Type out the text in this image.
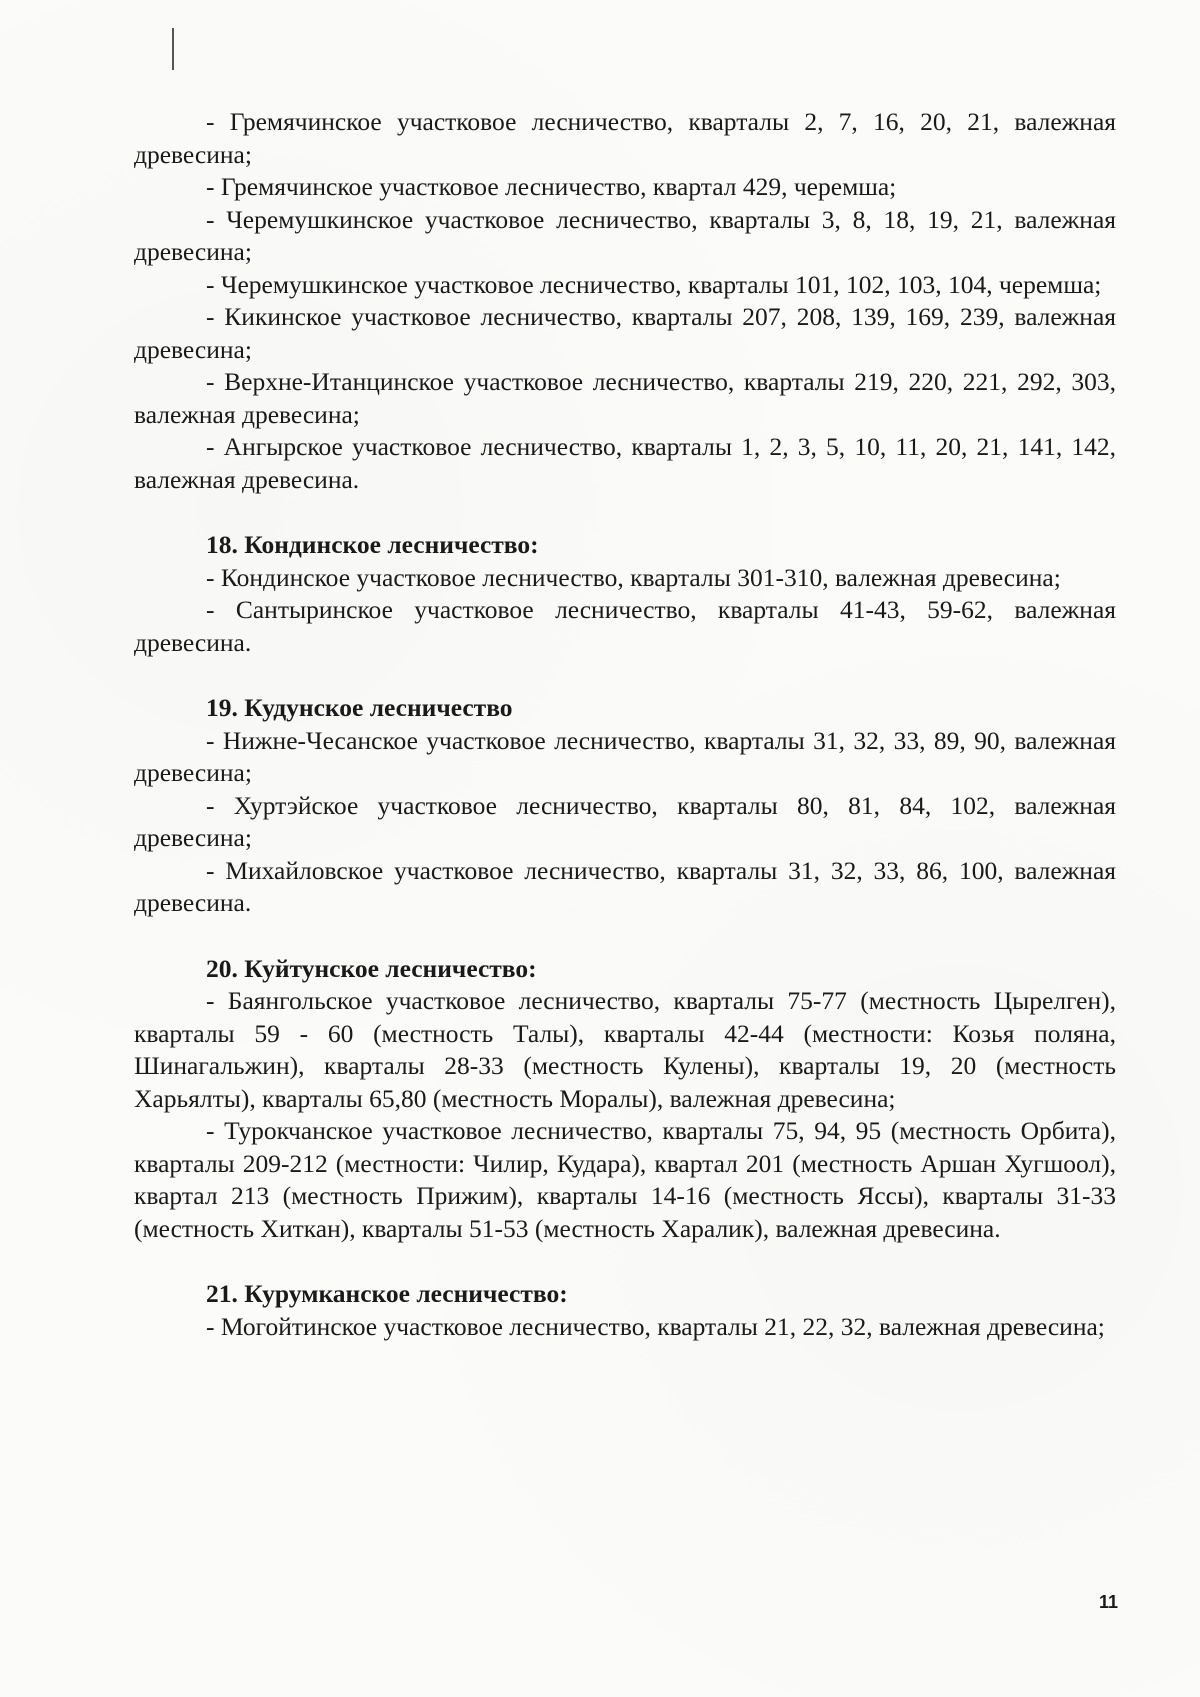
- Гремячинское участковое лесничество, кварталы 2, 7, 16, 20, 21, валежная древесина;

- Гремячинское участковое лесничество, квартал 429, черемша;

- Черемушкинское участковое лесничество, кварталы 3, 8, 18, 19, 21, валежная древесина;

- Черемушкинское участковое лесничество, кварталы 101, 102, 103, 104, черемша;

- Кикинское участковое лесничество, кварталы 207, 208, 139, 169, 239, валежная древесина;

- Верхне-Итанцинское участковое лесничество, кварталы 219, 220, 221, 292, 303, валежная древесина;

- Ангырское участковое лесничество, кварталы 1, 2, 3, 5, 10, 11, 20, 21, 141, 142, валежная древесина.

18. Кондинское лесничество:

- Кондинское участковое лесничество, кварталы 301-310, валежная древесина;

- Сантыринское участковое лесничество, кварталы 41-43, 59-62, валежная древесина.

19. Кудунское лесничество

- Нижне-Чесанское участковое лесничество, кварталы 31, 32, 33, 89, 90, валежная древесина;

- Хуртэйское участковое лесничество, кварталы 80, 81, 84, 102, валежная древесина;

- Михайловское участковое лесничество, кварталы 31, 32, 33, 86, 100, валежная древесина.

20. Куйтунское лесничество:

- Баянгольское участковое лесничество, кварталы 75-77 (местность Цырелген), кварталы 59 - 60 (местность Талы), кварталы 42-44 (местности: Козья поляна, Шинагальжин), кварталы 28-33 (местность Кулены), кварталы 19, 20 (местность Харьялты), кварталы 65,80 (местность Моралы), валежная древесина;

- Турокчанское участковое лесничество, кварталы 75, 94, 95 (местность Орбита), кварталы 209-212 (местности: Чилир, Кудара), квартал 201 (местность Аршан Хугшоол), квартал 213 (местность Прижим), кварталы 14-16 (местность Яссы), кварталы 31-33 (местность Хиткан), кварталы 51-53 (местность Харалик), валежная древесина.

21. Курумканское лесничество:

- Могойтинское участковое лесничество, кварталы 21, 22, 32, валежная древесина;

11
